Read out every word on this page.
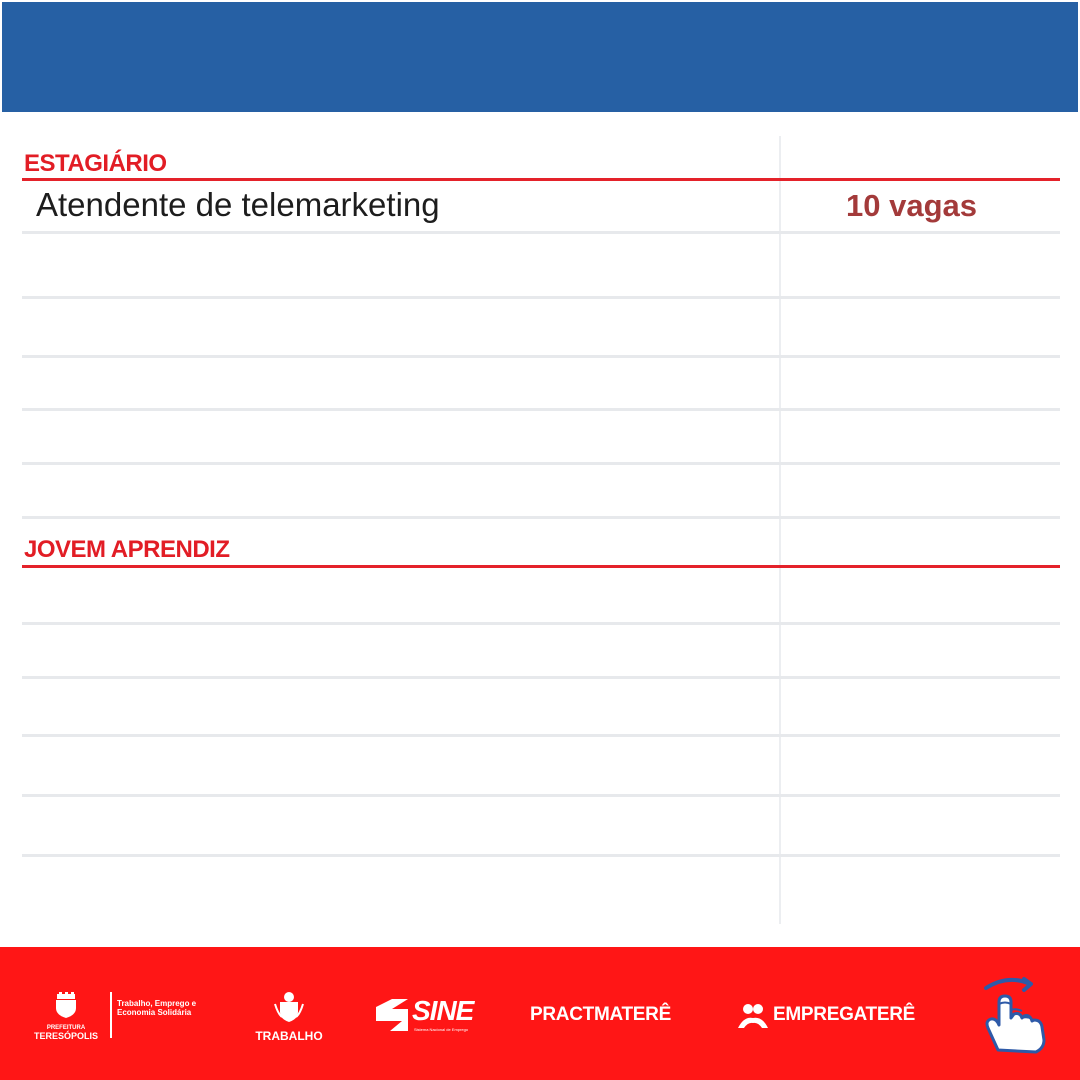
ESTAGIÁRIO
Atendente de telemarketing	10 vagas
JOVEM APRENDIZ
PREFEITURA
TERESÓPOLIS
Trabalho, Emprego e Economia Solidária
TRABALHO
SINE
Sistema Nacional de Emprego
PRACTMATERÊ	EMPREGATERÊ
